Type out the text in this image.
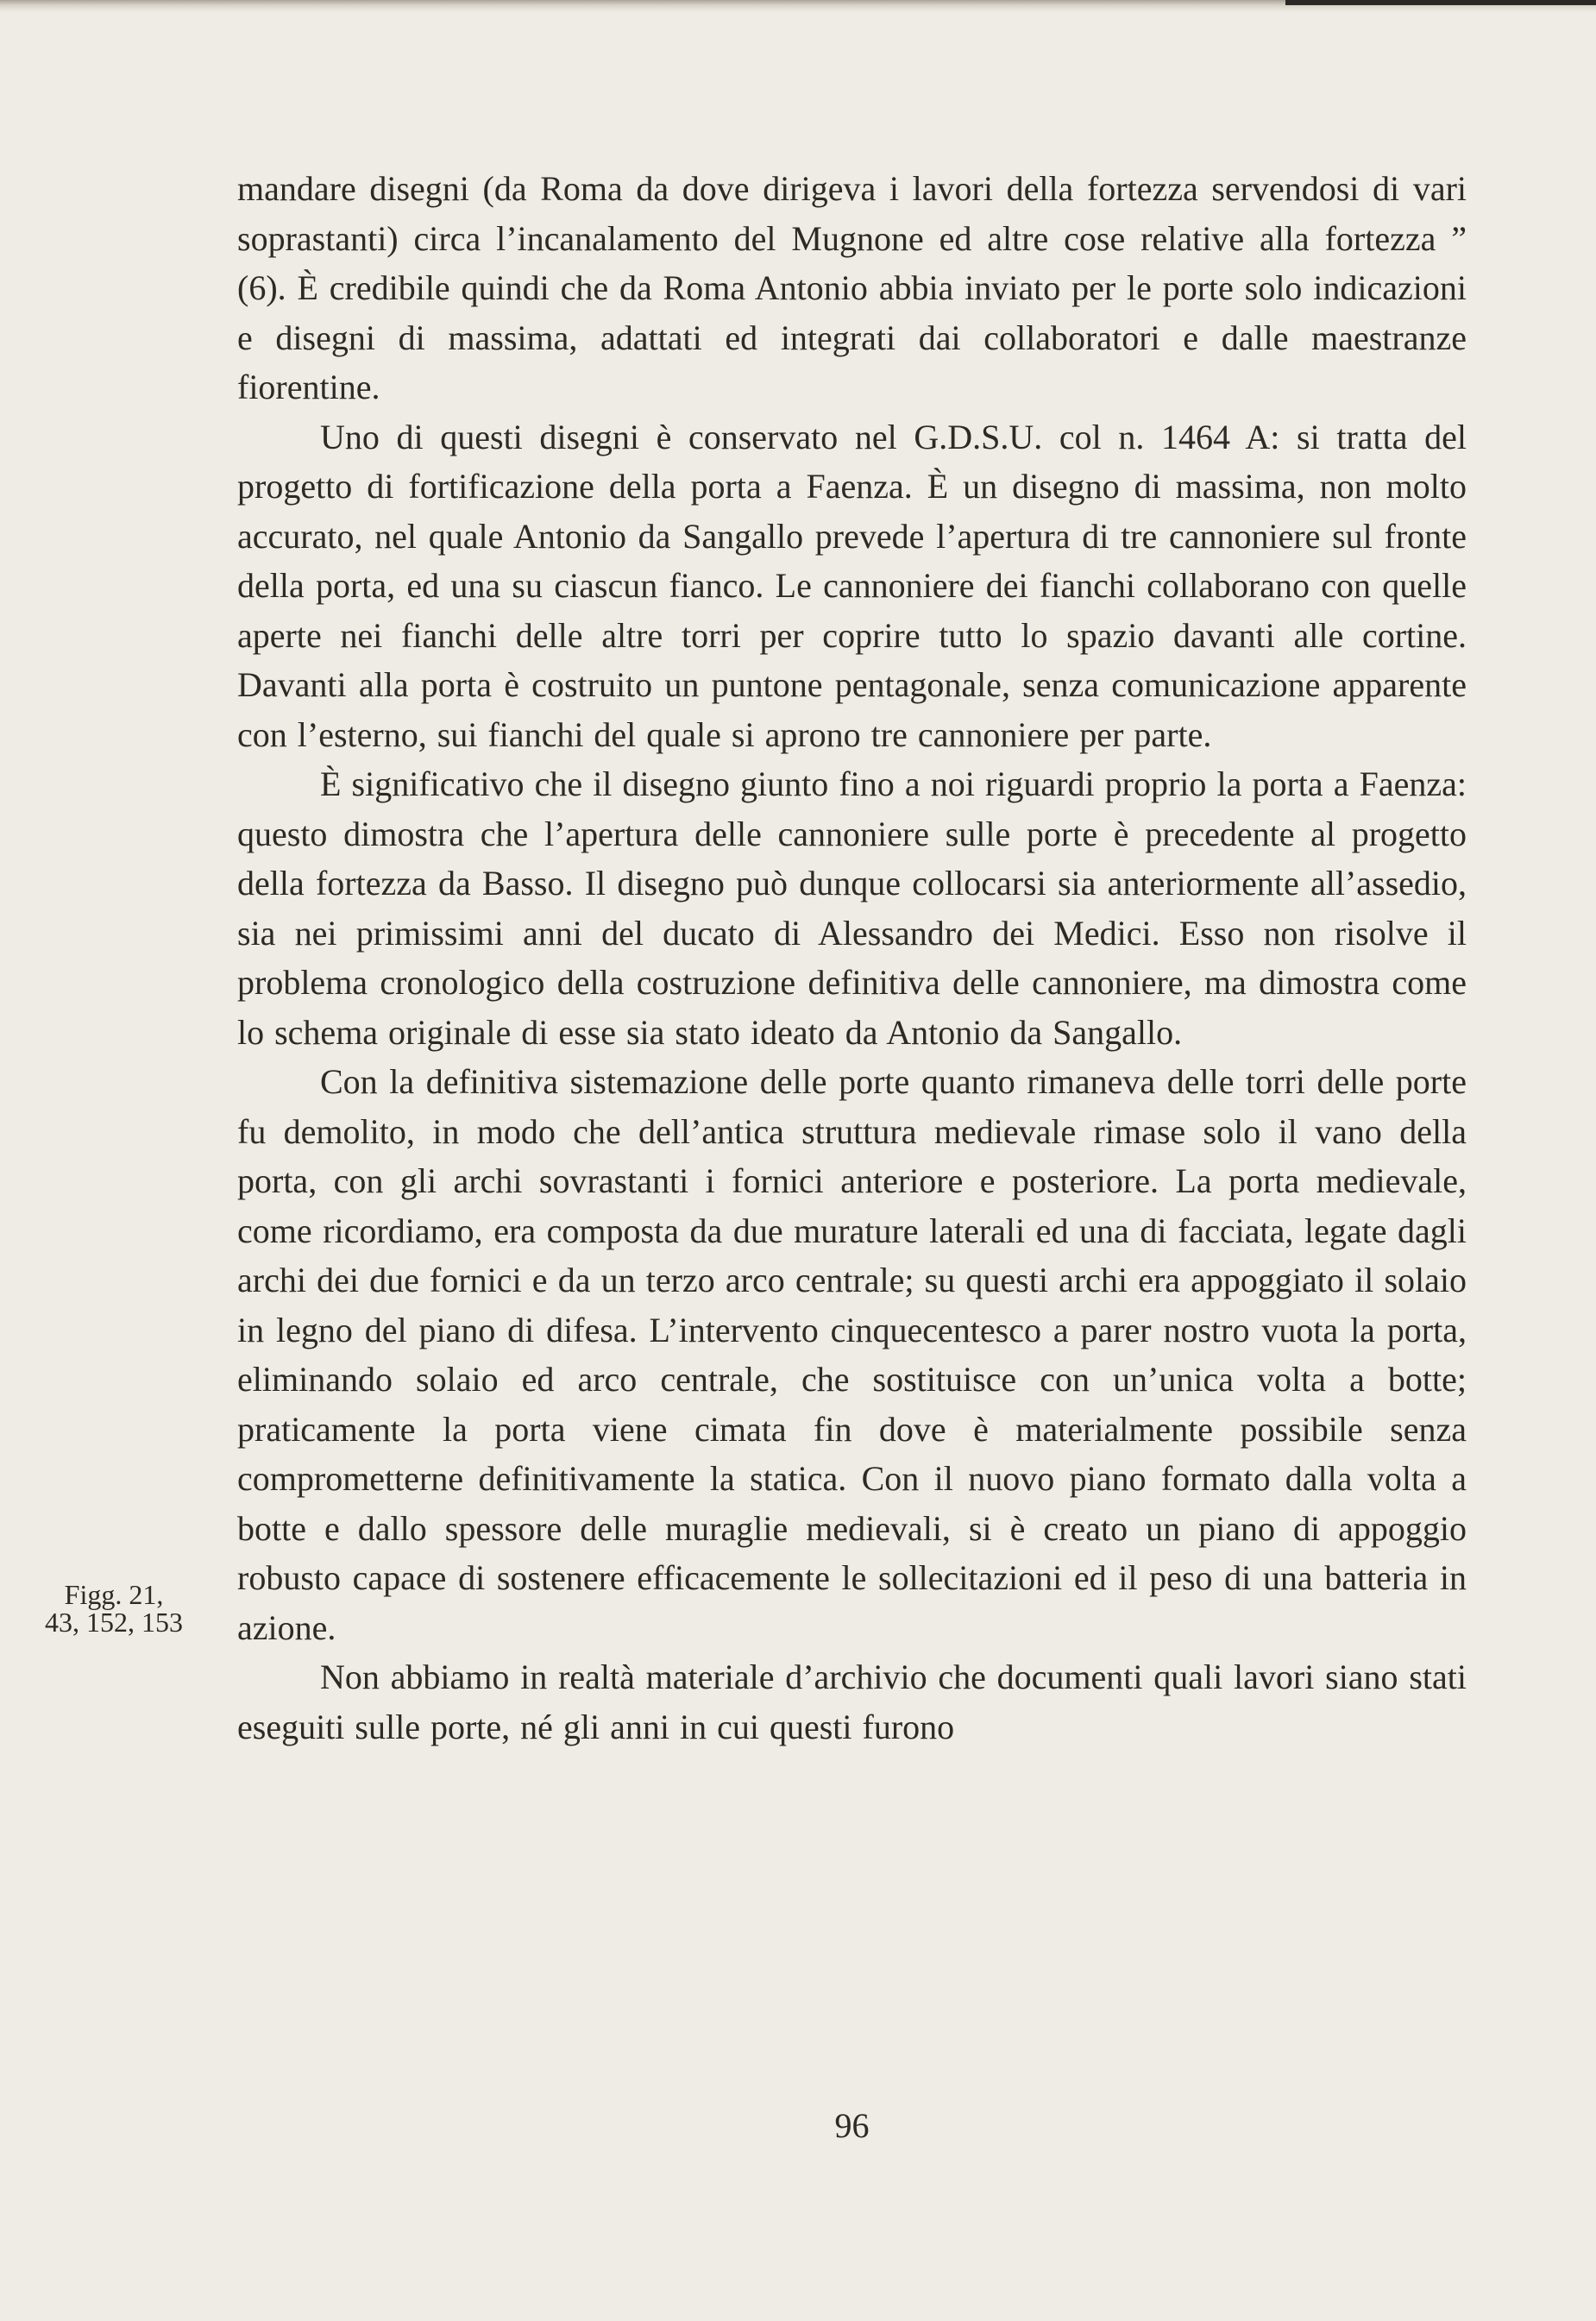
mandare disegni (da Roma da dove dirigeva i lavori della fortezza servendosi di vari soprastanti) circa l’incanalamento del Mugnone ed altre cose relative alla fortezza ” (6). È credibile quindi che da Roma Antonio abbia inviato per le porte solo indicazioni e disegni di massima, adattati ed integrati dai collaboratori e dalle maestranze fiorentine.

Uno di questi disegni è conservato nel G.D.S.U. col n. 1464 A: si tratta del progetto di fortificazione della porta a Faenza. È un disegno di massima, non molto accurato, nel quale Antonio da Sangallo prevede l’apertura di tre cannoniere sul fronte della porta, ed una su ciascun fianco. Le cannoniere dei fianchi collaborano con quelle aperte nei fianchi delle altre torri per coprire tutto lo spazio davanti alle cortine. Davanti alla porta è costruito un puntone pentagonale, senza comunicazione apparente con l’esterno, sui fianchi del quale si aprono tre cannoniere per parte.

È significativo che il disegno giunto fino a noi riguardi proprio la porta a Faenza: questo dimostra che l’apertura delle cannoniere sulle porte è precedente al progetto della fortezza da Basso. Il disegno può dunque collocarsi sia anteriormente all’assedio, sia nei primissimi anni del ducato di Alessandro dei Medici. Esso non risolve il problema cronologico della costruzione definitiva delle cannoniere, ma dimostra come lo schema originale di esse sia stato ideato da Antonio da Sangallo.

Con la definitiva sistemazione delle porte quanto rimaneva delle torri delle porte fu demolito, in modo che dell’antica struttura medievale rimase solo il vano della porta, con gli archi sovrastanti i fornici anteriore e posteriore. La porta medievale, come ricordiamo, era composta da due murature laterali ed una di facciata, legate dagli archi dei due fornici e da un terzo arco centrale; su questi archi era appoggiato il solaio in legno del piano di difesa. L’intervento cinquecentesco a parer nostro vuota la porta, eliminando solaio ed arco centrale, che sostituisce con un’unica volta a botte; praticamente la porta viene cimata fin dove è materialmente possibile senza comprometterne definitivamente la statica. Con il nuovo piano formato dalla volta a botte e dallo spessore delle muraglie medievali, si è creato un piano di appoggio robusto capace di sostenere efficacemente le sollecitazioni ed il peso di una batteria in azione.

Non abbiamo in realtà materiale d’archivio che documenti quali lavori siano stati eseguiti sulle porte, né gli anni in cui questi furono

Figg. 21,
43, 152, 153
96
